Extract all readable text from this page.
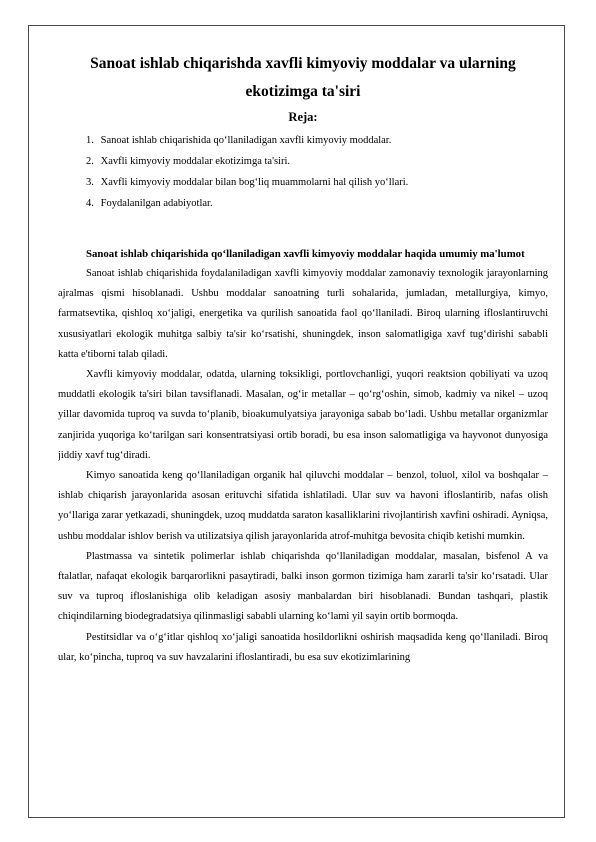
Sanoat ishlab chiqarishda xavfli kimyoviy moddalar va ularning ekotizimga ta'siri
Reja:
1. Sanoat ishlab chiqarishida qo‘llaniladigan xavfli kimyoviy moddalar.
2. Xavfli kimyoviy moddalar ekotizimga ta'siri.
3. Xavfli kimyoviy moddalar bilan bog‘liq muammolarni hal qilish yo‘llari.
4. Foydalanilgan adabiyotlar.

Sanoat ishlab chiqarishida qo‘llaniladigan xavfli kimyoviy moddalar haqida umumiy ma'lumot

Sanoat ishlab chiqarishida foydalaniladigan xavfli kimyoviy moddalar zamonaviy texnologik jarayonlarning ajralmas qismi hisoblanadi. Ushbu moddalar sanoatning turli sohalarida, jumladan, metallurgiya, kimyo, farmatsevtika, qishloq xo‘jaligi, energetika va qurilish sanoatida faol qo‘llaniladi. Biroq ularning ifloslantiruvchi xususiyatlari ekologik muhitga salbiy ta'sir ko‘rsatishi, shuningdek, inson salomatligiga xavf tug‘dirishi sababli katta e'tiborni talab qiladi.

Xavfli kimyoviy moddalar, odatda, ularning toksikligi, portlovchanligi, yuqori reaktsion qobiliyati va uzoq muddatli ekologik ta'siri bilan tavsiflanadi. Masalan, og‘ir metallar – qo‘rg‘oshin, simob, kadmiy va nikel – uzoq yillar davomida tuproq va suvda to‘planib, bioakumulyatsiya jarayoniga sabab bo‘ladi. Ushbu metallar organizmlar zanjirida yuqoriga ko‘tarilgan sari konsentratsiyasi ortib boradi, bu esa inson salomatligiga va hayvonot dunyosiga jiddiy xavf tug‘diradi.

Kimyo sanoatida keng qo‘llaniladigan organik hal qiluvchi moddalar – benzol, toluol, xilol va boshqalar – ishlab chiqarish jarayonlarida asosan erituvchi sifatida ishlatiladi. Ular suv va havoni ifloslantirib, nafas olish yo‘llariga zarar yetkazadi, shuningdek, uzoq muddatda saraton kasalliklarini rivojlantirish xavfini oshiradi. Ayniqsa, ushbu moddalar ishlov berish va utilizatsiya qilish jarayonlarida atrof-muhitga bevosita chiqib ketishi mumkin.

Plastmassa va sintetik polimerlar ishlab chiqarishda qo‘llaniladigan moddalar, masalan, bisfenol A va ftalatlar, nafaqat ekologik barqarorlikni pasaytiradi, balki inson gormon tizimiga ham zararli ta'sir ko‘rsatadi. Ular suv va tuproq ifloslanishiga olib keladigan asosiy manbalardan biri hisoblanadi. Bundan tashqari, plastik chiqindilarning biodegradatsiya qilinmasligi sababli ularning ko‘lami yil sayin ortib bormoqda.

Pestitsidlar va o‘g‘itlar qishloq xo‘jaligi sanoatida hosildorlikni oshirish maqsadida keng qo‘llaniladi. Biroq ular, ko‘pincha, tuproq va suv havzalarini ifloslantiradi, bu esa suv ekotizimlarining
